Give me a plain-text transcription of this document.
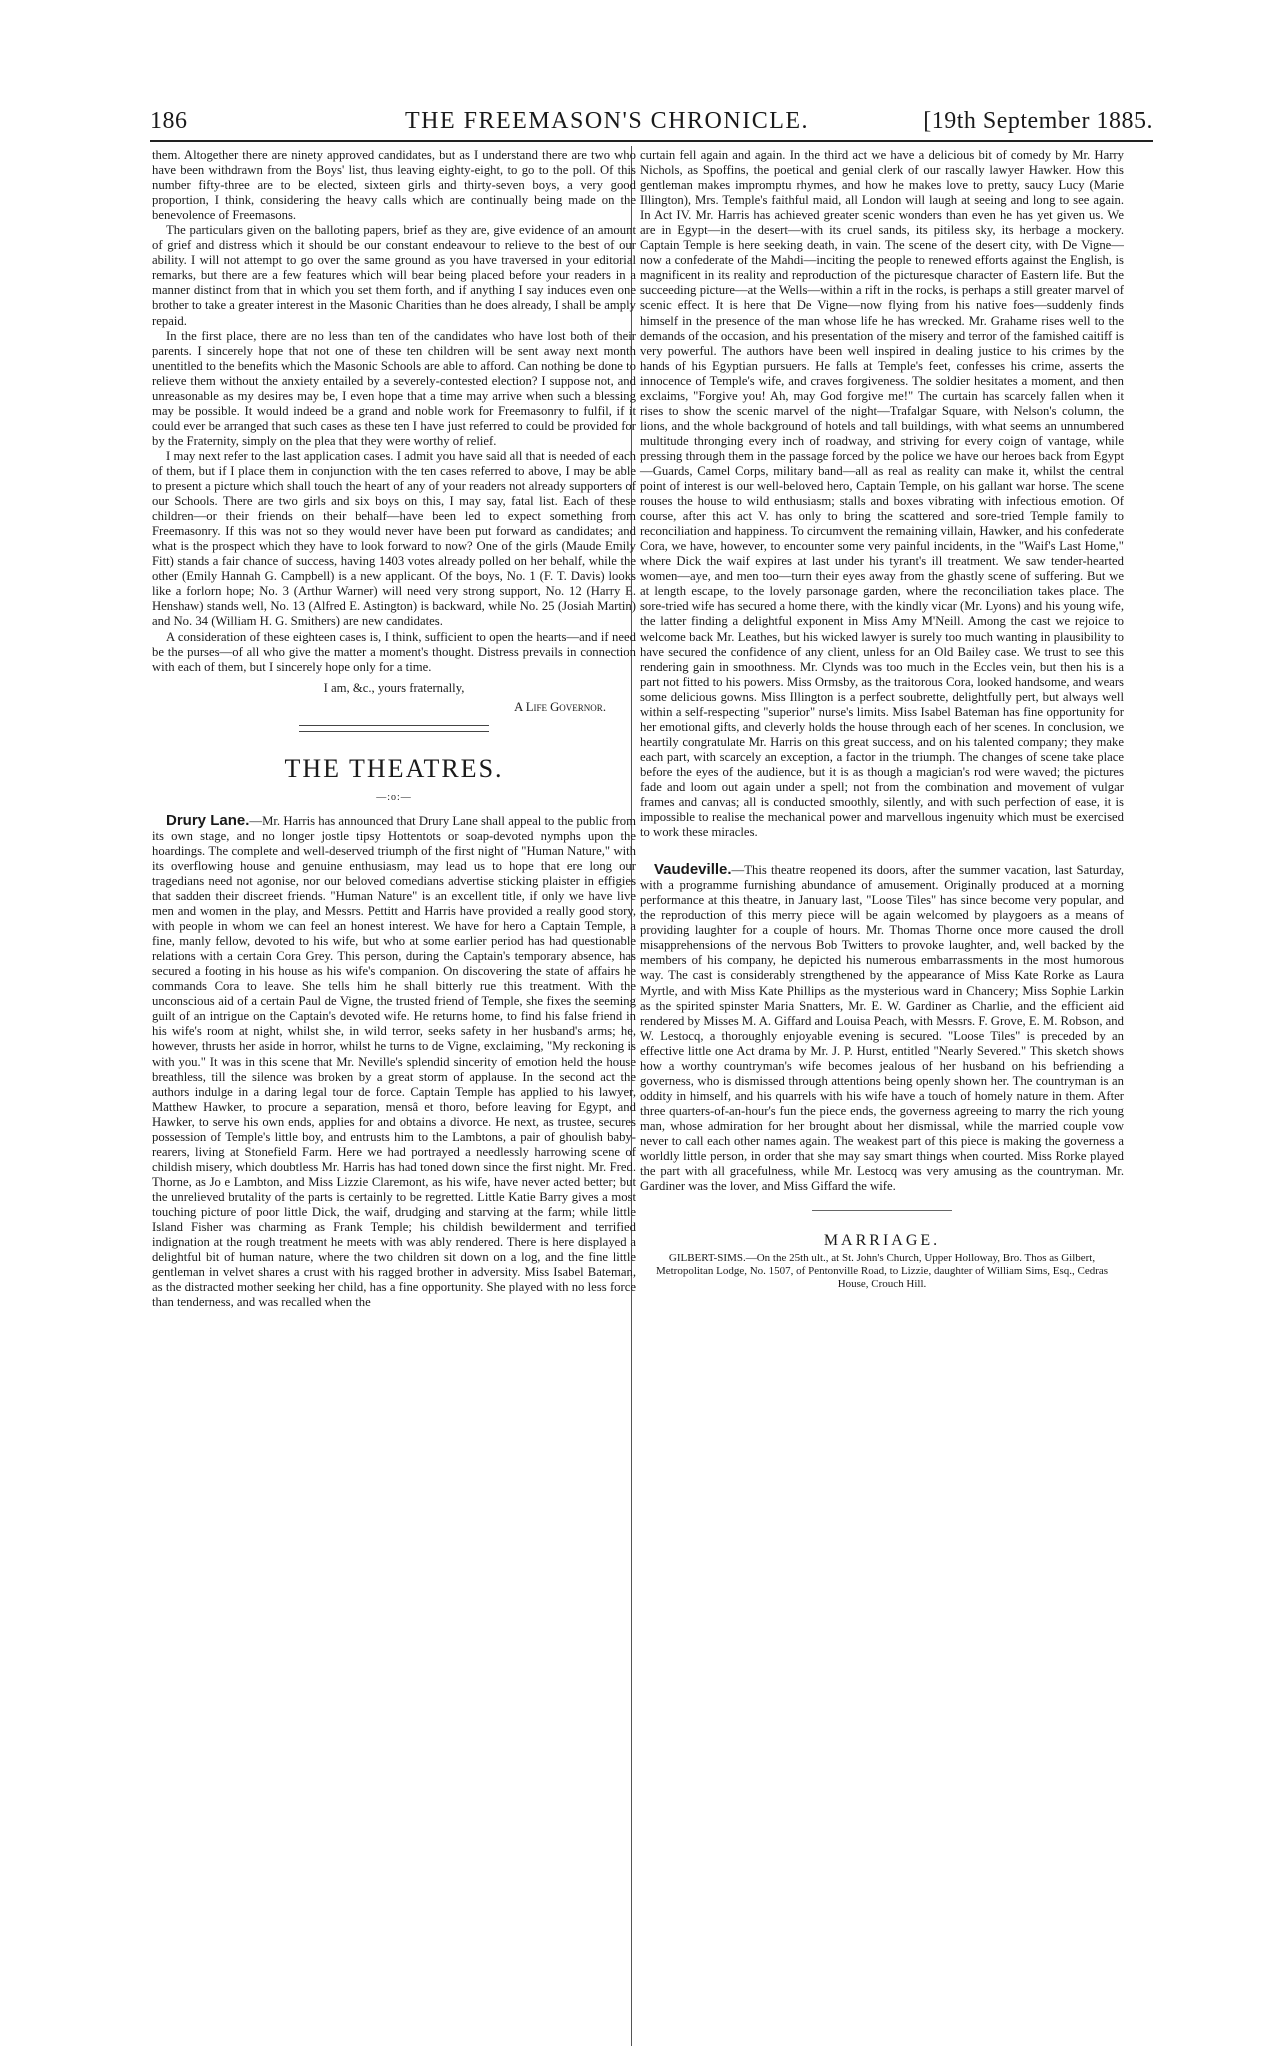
186	THE FREEMASON'S CHRONICLE.	[19th September 1885.

them. Altogether there are ninety approved candidates, but as I understand there are two who have been withdrawn from the Boys' list, thus leaving eighty-eight, to go to the poll. Of this number fifty-three are to be elected, sixteen girls and thirty-seven boys, a very good proportion, I think, considering the heavy calls which are continually being made on the benevolence of Freemasons.

The particulars given on the balloting papers, brief as they are, give evidence of an amount of grief and distress which it should be our constant endeavour to relieve to the best of our ability. I will not attempt to go over the same ground as you have traversed in your editorial remarks, but there are a few features which will bear being placed before your readers in a manner distinct from that in which you set them forth, and if anything I say induces even one brother to take a greater interest in the Masonic Charities than he does already, I shall be amply repaid.

In the first place, there are no less than ten of the candidates who have lost both of their parents. I sincerely hope that not one of these ten children will be sent away next month unentitled to the benefits which the Masonic Schools are able to afford. Can nothing be done to relieve them without the anxiety entailed by a severely-contested election? I suppose not, and unreasonable as my desires may be, I even hope that a time may arrive when such a blessing may be possible. It would indeed be a grand and noble work for Freemasonry to fulfil, if it could ever be arranged that such cases as these ten I have just referred to could be provided for by the Fraternity, simply on the plea that they were worthy of relief.

I may next refer to the last application cases. I admit you have said all that is needed of each of them, but if I place them in conjunction with the ten cases referred to above, I may be able to present a picture which shall touch the heart of any of your readers not already supporters of our Schools. There are two girls and six boys on this, I may say, fatal list. Each of these children—or their friends on their behalf—have been led to expect something from Freemasonry. If this was not so they would never have been put forward as candidates; and what is the prospect which they have to look forward to now? One of the girls (Maude Emily Fitt) stands a fair chance of success, having 1403 votes already polled on her behalf, while the other (Emily Hannah G. Campbell) is a new applicant. Of the boys, No. 1 (F. T. Davis) looks like a forlorn hope; No. 3 (Arthur Warner) will need very strong support, No. 12 (Harry E. Henshaw) stands well, No. 13 (Alfred E. Astington) is backward, while No. 25 (Josiah Martin) and No. 34 (William H. G. Smithers) are new candidates.

A consideration of these eighteen cases is, I think, sufficient to open the hearts—and if need be the purses—of all who give the matter a moment's thought. Distress prevails in connection with each of them, but I sincerely hope only for a time.

I am, &c., yours fraternally,
A Life Governor.
THE THEATRES.
—:o:—

Drury Lane.—Mr. Harris has announced that Drury Lane shall appeal to the public from its own stage, and no longer jostle tipsy Hottentots or soap-devoted nymphs upon the hoardings. The complete and well-deserved triumph of the first night of "Human Nature," with its overflowing house and genuine enthusiasm, may lead us to hope that ere long our tragedians need not agonise, nor our beloved comedians advertise sticking plaister in effigies that sadden their discreet friends. "Human Nature" is an excellent title, if only we have live men and women in the play, and Messrs. Pettitt and Harris have provided a really good story, with people in whom we can feel an honest interest. We have for hero a Captain Temple, a fine, manly fellow, devoted to his wife, but who at some earlier period has had questionable relations with a certain Cora Grey. This person, during the Captain's temporary absence, has secured a footing in his house as his wife's companion. On discovering the state of affairs he commands Cora to leave. She tells him he shall bitterly rue this treatment. With the unconscious aid of a certain Paul de Vigne, the trusted friend of Temple, she fixes the seeming guilt of an intrigue on the Captain's devoted wife. He returns home, to find his false friend in his wife's room at night, whilst she, in wild terror, seeks safety in her husband's arms; he, however, thrusts her aside in horror, whilst he turns to de Vigne, exclaiming, "My reckoning is with you." It was in this scene that Mr. Neville's splendid sincerity of emotion held the house breathless, till the silence was broken by a great storm of applause. In the second act the authors indulge in a daring legal tour de force. Captain Temple has applied to his lawyer, Matthew Hawker, to procure a separation, mensâ et thoro, before leaving for Egypt, and Hawker, to serve his own ends, applies for and obtains a divorce. He next, as trustee, secures possession of Temple's little boy, and entrusts him to the Lambtons, a pair of ghoulish baby-rearers, living at Stonefield Farm. Here we had portrayed a needlessly harrowing scene of childish misery, which doubtless Mr. Harris has had toned down since the first night. Mr. Fred. Thorne, as Jo e Lambton, and Miss Lizzie Claremont, as his wife, have never acted better; but the unrelieved brutality of the parts is certainly to be regretted. Little Katie Barry gives a most touching picture of poor little Dick, the waif, drudging and starving at the farm; while little Island Fisher was charming as Frank Temple; his childish bewilderment and terrified indignation at the rough treatment he meets with was ably rendered. There is here displayed a delightful bit of human nature, where the two children sit down on a log, and the fine little gentleman in velvet shares a crust with his ragged brother in adversity. Miss Isabel Bateman, as the distracted mother seeking her child, has a fine opportunity. She played with no less force than tenderness, and was recalled when the

curtain fell again and again. In the third act we have a delicious bit of comedy by Mr. Harry Nichols, as Spoffins, the poetical and genial clerk of our rascally lawyer Hawker. How this gentleman makes impromptu rhymes, and how he makes love to pretty, saucy Lucy (Marie Illington), Mrs. Temple's faithful maid, all London will laugh at seeing and long to see again. In Act IV. Mr. Harris has achieved greater scenic wonders than even he has yet given us. We are in Egypt—in the desert—with its cruel sands, its pitiless sky, its herbage a mockery. Captain Temple is here seeking death, in vain. The scene of the desert city, with De Vigne—now a confederate of the Mahdi—inciting the people to renewed efforts against the English, is magnificent in its reality and reproduction of the picturesque character of Eastern life. But the succeeding picture—at the Wells—within a rift in the rocks, is perhaps a still greater marvel of scenic effect. It is here that De Vigne—now flying from his native foes—suddenly finds himself in the presence of the man whose life he has wrecked. Mr. Grahame rises well to the demands of the occasion, and his presentation of the misery and terror of the famished caitiff is very powerful. The authors have been well inspired in dealing justice to his crimes by the hands of his Egyptian pursuers. He falls at Temple's feet, confesses his crime, asserts the innocence of Temple's wife, and craves forgiveness. The soldier hesitates a moment, and then exclaims, "Forgive you! Ah, may God forgive me!" The curtain has scarcely fallen when it rises to show the scenic marvel of the night—Trafalgar Square, with Nelson's column, the lions, and the whole background of hotels and tall buildings, with what seems an unnumbered multitude thronging every inch of roadway, and striving for every coign of vantage, while pressing through them in the passage forced by the police we have our heroes back from Egypt—Guards, Camel Corps, military band—all as real as reality can make it, whilst the central point of interest is our well-beloved hero, Captain Temple, on his gallant war horse. The scene rouses the house to wild enthusiasm; stalls and boxes vibrating with infectious emotion. Of course, after this act V. has only to bring the scattered and sore-tried Temple family to reconciliation and happiness. To circumvent the remaining villain, Hawker, and his confederate Cora, we have, however, to encounter some very painful incidents, in the "Waif's Last Home," where Dick the waif expires at last under his tyrant's ill treatment. We saw tender-hearted women—aye, and men too—turn their eyes away from the ghastly scene of suffering. But we at length escape, to the lovely parsonage garden, where the reconciliation takes place. The sore-tried wife has secured a home there, with the kindly vicar (Mr. Lyons) and his young wife, the latter finding a delightful exponent in Miss Amy M'Neill. Among the cast we rejoice to welcome back Mr. Leathes, but his wicked lawyer is surely too much wanting in plausibility to have secured the confidence of any client, unless for an Old Bailey case. We trust to see this rendering gain in smoothness. Mr. Clynds was too much in the Eccles vein, but then his is a part not fitted to his powers. Miss Ormsby, as the traitorous Cora, looked handsome, and wears some delicious gowns. Miss Illington is a perfect soubrette, delightfully pert, but always well within a self-respecting "superior" nurse's limits. Miss Isabel Bateman has fine opportunity for her emotional gifts, and cleverly holds the house through each of her scenes. In conclusion, we heartily congratulate Mr. Harris on this great success, and on his talented company; they make each part, with scarcely an exception, a factor in the triumph. The changes of scene take place before the eyes of the audience, but it is as though a magician's rod were waved; the pictures fade and loom out again under a spell; not from the combination and movement of vulgar frames and canvas; all is conducted smoothly, silently, and with such perfection of ease, it is impossible to realise the mechanical power and marvellous ingenuity which must be exercised to work these miracles.

Vaudeville.—This theatre reopened its doors, after the summer vacation, last Saturday, with a programme furnishing abundance of amusement. Originally produced at a morning performance at this theatre, in January last, "Loose Tiles" has since become very popular, and the reproduction of this merry piece will be again welcomed by playgoers as a means of providing laughter for a couple of hours. Mr. Thomas Thorne once more caused the droll misapprehensions of the nervous Bob Twitters to provoke laughter, and, well backed by the members of his company, he depicted his numerous embarrassments in the most humorous way. The cast is considerably strengthened by the appearance of Miss Kate Rorke as Laura Myrtle, and with Miss Kate Phillips as the mysterious ward in Chancery; Miss Sophie Larkin as the spirited spinster Maria Snatters, Mr. E. W. Gardiner as Charlie, and the efficient aid rendered by Misses M. A. Giffard and Louisa Peach, with Messrs. F. Grove, E. M. Robson, and W. Lestocq, a thoroughly enjoyable evening is secured. "Loose Tiles" is preceded by an effective little one Act drama by Mr. J. P. Hurst, entitled "Nearly Severed." This sketch shows how a worthy countryman's wife becomes jealous of her husband on his befriending a governess, who is dismissed through attentions being openly shown her. The countryman is an oddity in himself, and his quarrels with his wife have a touch of homely nature in them. After three quarters-of-an-hour's fun the piece ends, the governess agreeing to marry the rich young man, whose admiration for her brought about her dismissal, while the married couple vow never to call each other names again. The weakest part of this piece is making the governess a worldly little person, in order that she may say smart things when courted. Miss Rorke played the part with all gracefulness, while Mr. Lestocq was very amusing as the countryman. Mr. Gardiner was the lover, and Miss Giffard the wife.

MARRIAGE.
GILBERT-SIMS.—On the 25th ult., at St. John's Church, Upper Holloway, Bro. Thos as Gilbert, Metropolitan Lodge, No. 1507, of Pentonville Road, to Lizzie, daughter of William Sims, Esq., Cedras House, Crouch Hill.
